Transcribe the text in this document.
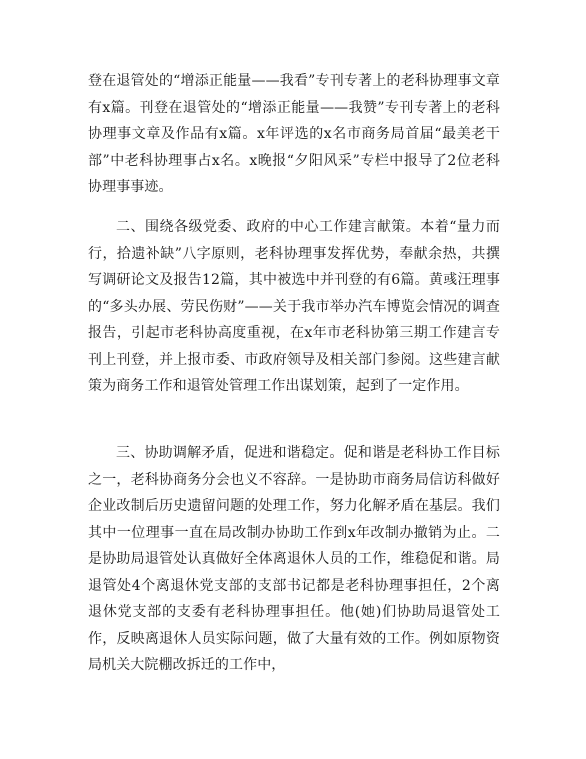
登在退管处的“增添正能量——我看”专刊专著上的老科协理事文章有x篇。刊登在退管处的“增添正能量——我赞”专刊专著上的老科协理事文章及作品有x篇。x年评选的x名市商务局首届“最美老干部”中老科协理事占x名。x晚报“夕阳风采”专栏中报导了2位老科协理事事迹。

二、围绕各级党委、政府的中心工作建言献策。本着“量力而行，拾遗补缺”八字原则，老科协理事发挥优势，奉献余热，共撰写调研论文及报告12篇，其中被选中并刊登的有6篇。黄彧汪理事的“多头办展、劳民伤财”——关于我市举办汽车博览会情况的调查报告，引起市老科协高度重视，在x年市老科协第三期工作建言专刊上刊登，并上报市委、市政府领导及相关部门参阅。这些建言献策为商务工作和退管处管理工作出谋划策，起到了一定作用。

三、协助调解矛盾，促进和谐稳定。促和谐是老科协工作目标之一，老科协商务分会也义不容辞。一是协助市商务局信访科做好企业改制后历史遗留问题的处理工作，努力化解矛盾在基层。我们其中一位理事一直在局改制办协助工作到x年改制办撤销为止。二是协助局退管处认真做好全体离退休人员的工作，维稳促和谐。局退管处4个离退休党支部的支部书记都是老科协理事担任，2个离退休党支部的支委有老科协理事担任。他(她)们协助局退管处工作，反映离退休人员实际问题，做了大量有效的工作。例如原物资局机关大院棚改拆迁的工作中，
